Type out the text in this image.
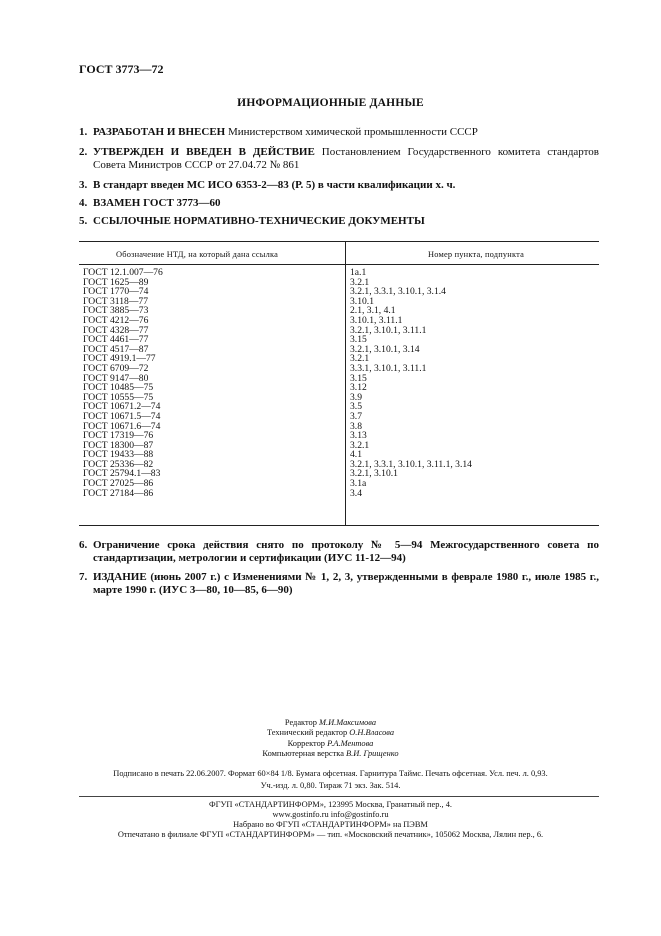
ГОСТ 3773—72
ИНФОРМАЦИОННЫЕ ДАННЫЕ
1. РАЗРАБОТАН И ВНЕСЕН Министерством химической промышленности СССР
2. УТВЕРЖДЕН И ВВЕДЕН В ДЕЙСТВИЕ Постановлением Государственного комитета стандартов Совета Министров СССР от 27.04.72 № 861
3. В стандарт введен МС ИСО 6353-2—83 (Р. 5) в части квалификации х. ч.
4. ВЗАМЕН ГОСТ 3773—60
5. ССЫЛОЧНЫЕ НОРМАТИВНО-ТЕХНИЧЕСКИЕ ДОКУМЕНТЫ
Обозначение НТД, на который дана ссылка	Номер пункта, подпункта
ГОСТ 12.1.007—76
ГОСТ 1625—89
ГОСТ 1770—74
ГОСТ 3118—77
ГОСТ 3885—73
ГОСТ 4212—76
ГОСТ 4328—77
ГОСТ 4461—77
ГОСТ 4517—87
ГОСТ 4919.1—77
ГОСТ 6709—72
ГОСТ 9147—80
ГОСТ 10485—75
ГОСТ 10555—75
ГОСТ 10671.2—74
ГОСТ 10671.5—74
ГОСТ 10671.6—74
ГОСТ 17319—76
ГОСТ 18300—87
ГОСТ 19433—88
ГОСТ 25336—82
ГОСТ 25794.1—83
ГОСТ 27025—86
ГОСТ 27184—86
1а.1
3.2.1
3.2.1, 3.3.1, 3.10.1, 3.1.4
3.10.1
2.1, 3.1, 4.1
3.10.1, 3.11.1
3.2.1, 3.10.1, 3.11.1
3.15
3.2.1, 3.10.1, 3.14
3.2.1
3.3.1, 3.10.1, 3.11.1
3.15
3.12
3.9
3.5
3.7
3.8
3.13
3.2.1
4.1
3.2.1, 3.3.1, 3.10.1, 3.11.1, 3.14
3.2.1, 3.10.1
3.1а
3.4
6. Ограничение срока действия снято по протоколу № 5—94 Межгосударственного совета по стандартизации, метрологии и сертификации (ИУС 11-12—94)
7. ИЗДАНИЕ (июнь 2007 г.) с Изменениями № 1, 2, 3, утвержденными в феврале 1980 г., июле 1985 г., марте 1990 г. (ИУС 3—80, 10—85, 6—90)
Редактор М.И.Максимова
Технический редактор О.Н.Власова
Корректор Р.А.Ментова
Компьютерная верстка В.И. Грищенко
Подписано в печать 22.06.2007. Формат 60×84 1/8. Бумага офсетная. Гарнитура Таймс. Печать офсетная. Усл. печ. л. 0,93.
Уч.-изд. л. 0,80. Тираж 71 экз. Зак. 514.
ФГУП «СТАНДАРТИНФОРМ», 123995 Москва, Гранатный пер., 4.
www.gostinfo.ru info@gostinfo.ru
Набрано во ФГУП «СТАНДАРТИНФОРМ» на ПЭВМ
Отпечатано в филиале ФГУП «СТАНДАРТИНФОРМ» — тип. «Московский печатник», 105062 Москва, Лялин пер., 6.
